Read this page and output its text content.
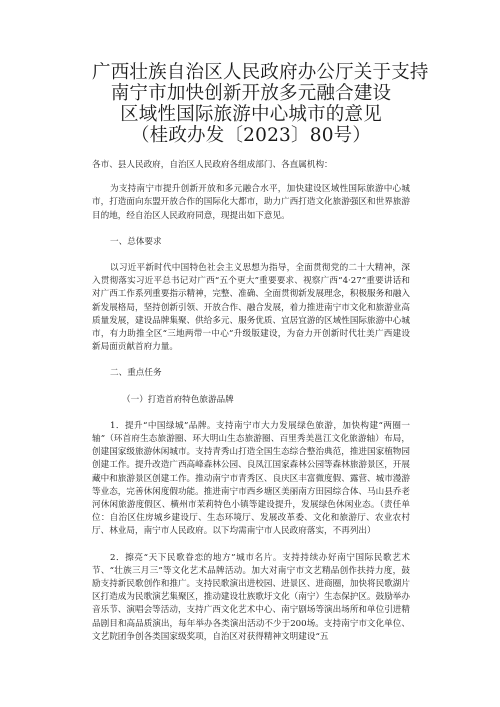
广西壮族自治区人民政府办公厅关于支持
南宁市加快创新开放多元融合建设
区域性国际旅游中心城市的意见
（桂政办发〔2023〕80号）

各市、县人民政府，自治区人民政府各组成部门、各直属机构：

为支持南宁市提升创新开放和多元融合水平，加快建设区域性国际旅游中心城市，打造面向东盟开放合作的国际化大都市，助力广西打造文化旅游强区和世界旅游目的地，经自治区人民政府同意，现提出如下意见。

一、总体要求

以习近平新时代中国特色社会主义思想为指导，全面贯彻党的二十大精神，深入贯彻落实习近平总书记对广西“五个更大”重要要求、视察广西“4·27”重要讲话和对广西工作系列重要指示精神，完整、准确、全面贯彻新发展理念，积极服务和融入新发展格局，坚持创新引领、开放合作、融合发展，着力推进南宁市文化和旅游业高质量发展，建设品牌集聚、供给多元、服务优质、宜居宜游的区域性国际旅游中心城市，有力助推全区“三地两带一中心”升级版建设，为奋力开创新时代壮美广西建设新局面贡献首府力量。

二、重点任务

（一）打造首府特色旅游品牌

1．提升“中国绿城”品牌。支持南宁市大力发展绿色旅游，加快构建“两圈一轴”（环首府生态旅游圈、环大明山生态旅游圈、百里秀美邕江文化旅游轴）布局，创建国家级旅游休闲城市。支持青秀山打造全国生态综合整治典范，推进国家植物园创建工作。提升改造广西高峰森林公园、良凤江国家森林公园等森林旅游景区，开展藏中和旅游景区创建工作。推动南宁市青秀区、良庆区丰富微度假、露营、城市漫游等业态，完善休闲度假功能。推进南宁市西乡塘区美丽南方田园综合体、马山县乔老河休闲旅游度假区、横州市茉莉特色小镇等建设提升，发展绿色休闲业态。（责任单位：自治区住房城乡建设厅、生态环境厅、发展改革委、文化和旅游厅、农业农村厅、林业局，南宁市人民政府。以下均需南宁市人民政府落实，不再列出）

2．擦亮“天下民歌眷恋的地方”城市名片。支持持续办好南宁国际民歌艺术节、“壮族三月三”等文化艺术品牌活动。加大对南宁市文艺精品创作扶持力度，鼓励支持新民歌创作和推广。支持民歌演出进校园、进景区、进商圈，加快将民歌湖片区打造成为民歌演艺集聚区，推动建设壮族歌圩文化（南宁）生态保护区。鼓励举办音乐节、演唱会等活动，支持广西文化艺术中心、南宁剧场等演出场所和单位引进精品剧目和高品质演出，每年举办各类演出活动不少于200场。支持南宁市文化单位、文艺院团争创各类国家级奖项，自治区对获得精神文明建设“五
